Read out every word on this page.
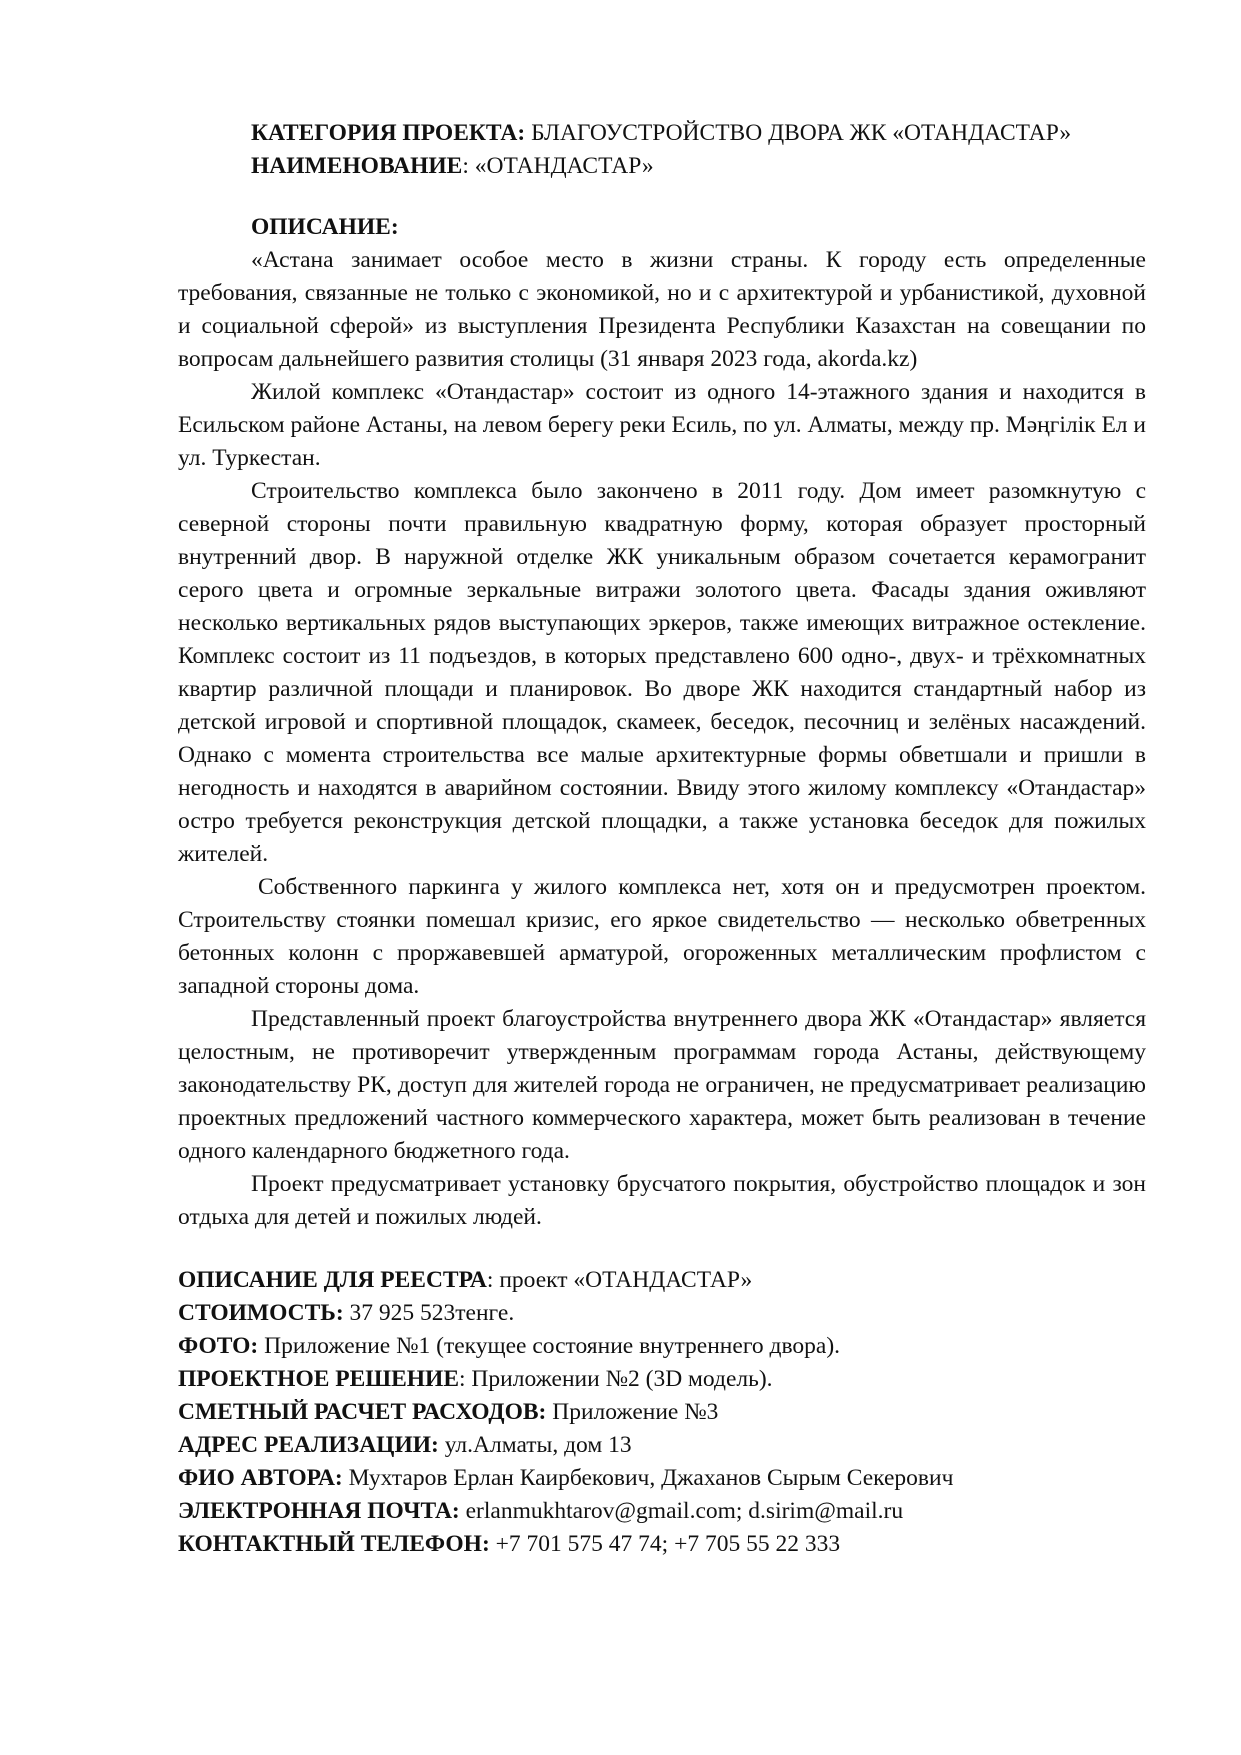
КАТЕГОРИЯ ПРОЕКТА: БЛАГОУСТРОЙСТВО ДВОРА ЖК «ОТАНДАСТАР»
НАИМЕНОВАНИЕ: «ОТАНДАСТАР»
ОПИСАНИЕ:

«Астана занимает особое место в жизни страны. К городу есть определенные требования, связанные не только с экономикой, но и с архитектурой и урбанистикой, духовной и социальной сферой» из выступления Президента Республики Казахстан на совещании по вопросам дальнейшего развития столицы (31 января 2023 года, akorda.kz)

Жилой комплекс «Отандастар» состоит из одного 14-этажного здания и находится в Есильском районе Астаны, на левом берегу реки Есиль, по ул. Алматы, между пр. Мәңгілік Ел и ул. Туркестан.

Строительство комплекса было закончено в 2011 году. Дом имеет разомкнутую с северной стороны почти правильную квадратную форму, которая образует просторный внутренний двор. В наружной отделке ЖК уникальным образом сочетается керамогранит серого цвета и огромные зеркальные витражи золотого цвета. Фасады здания оживляют несколько вертикальных рядов выступающих эркеров, также имеющих витражное остекление. Комплекс состоит из 11 подъездов, в которых представлено 600 одно-, двух- и трёхкомнатных квартир различной площади и планировок. Во дворе ЖК находится стандартный набор из детской игровой и спортивной площадок, скамеек, беседок, песочниц и зелёных насаждений. Однако с момента строительства все малые архитектурные формы обветшали и пришли в негодность и находятся в аварийном состоянии. Ввиду этого жилому комплексу «Отандастар» остро требуется реконструкция детской площадки, а также установка беседок для пожилых жителей.

Собственного паркинга у жилого комплекса нет, хотя он и предусмотрен проектом. Строительству стоянки помешал кризис, его яркое свидетельство — несколько обветренных бетонных колонн с проржавевшей арматурой, огороженных металлическим профлистом с западной стороны дома.

Представленный проект благоустройства внутреннего двора ЖК «Отандастар» является целостным, не противоречит утвержденным программам города Астаны, действующему законодательству РК, доступ для жителей города не ограничен, не предусматривает реализацию проектных предложений частного коммерческого характера, может быть реализован в течение одного календарного бюджетного года.

Проект предусматривает установку брусчатого покрытия, обустройство площадок и зон отдыха для детей и пожилых людей.

ОПИСАНИЕ ДЛЯ РЕЕСТРА: проект «ОТАНДАСТАР»
СТОИМОСТЬ: 37 925 523тенге.
ФОТО: Приложение №1 (текущее состояние внутреннего двора).
ПРОЕКТНОЕ РЕШЕНИЕ: Приложении №2 (3D модель).
СМЕТНЫЙ РАСЧЕТ РАСХОДОВ: Приложение №3
АДРЕС РЕАЛИЗАЦИИ: ул.Алматы, дом 13
ФИО АВТОРА: Мухтаров Ерлан Каирбекович, Джаханов Сырым Секерович
ЭЛЕКТРОННАЯ ПОЧТА: erlanmukhtarov@gmail.com; d.sirim@mail.ru
КОНТАКТНЫЙ ТЕЛЕФОН: +7 701 575 47 74; +7 705 55 22 333
